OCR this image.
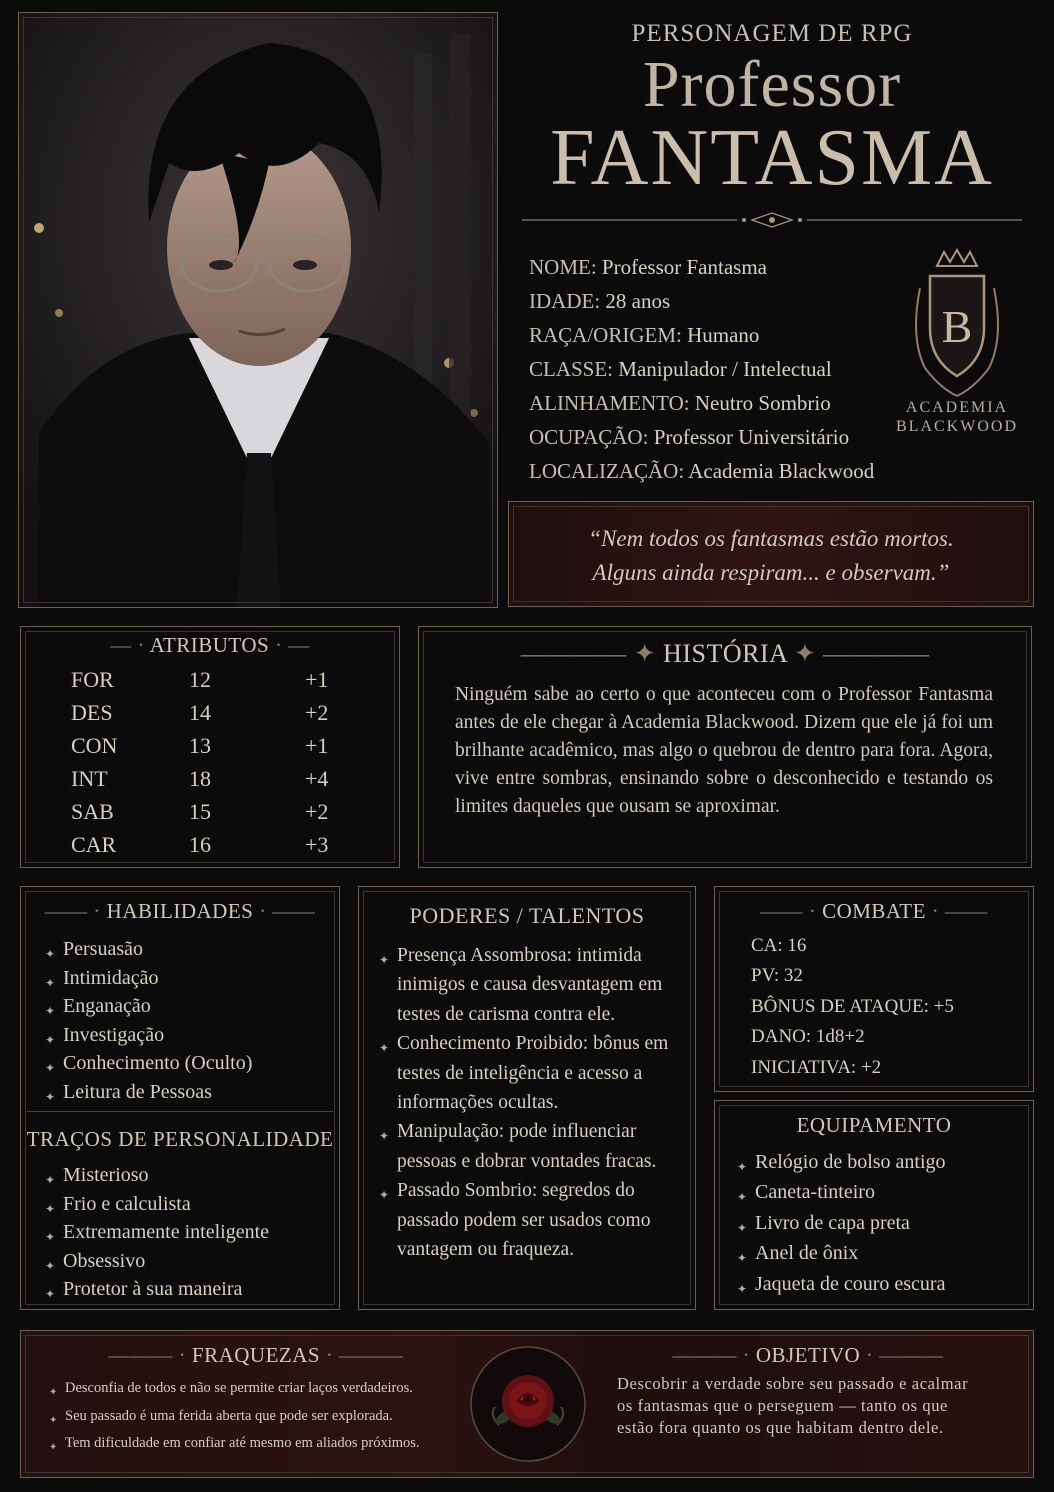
PERSONAGEM DE RPG
Professor
FANTASMA
NOME: Professor Fantasma
IDADE: 28 anos
RAÇA/ORIGEM: Humano
CLASSE: Manipulador / Intelectual
ALINHAMENTO: Neutro Sombrio
OCUPAÇÃO: Professor Universitário
LOCALIZAÇÃO: Academia Blackwood
B
ACADEMIA
BLACKWOOD
“Nem todos os fantasmas estão mortos.
Alguns ainda respiram... e observam.”
— · ATRIBUTOS · —
FOR	12	+1
DES	14	+2
CON	13	+1
INT	18	+4
SAB	15	+2
CAR	16	+3
———— ✦ HISTÓRIA ✦ ————

Ninguém sabe ao certo o que aconteceu com o Professor Fantasma antes de ele chegar à Academia Blackwood. Dizem que ele já foi um brilhante acadêmico, mas algo o quebrou de dentro para fora. Agora, vive entre sombras, ensinando sobre o desconhecido e testando os limites daqueles que ousam se aproximar.

—— · HABILIDADES · ——
✦ Persuasão
✦ Intimidação
✦ Enganação
✦ Investigação
✦ Conhecimento (Oculto)
✦ Leitura de Pessoas
TRAÇOS DE PERSONALIDADE
✦ Misterioso
✦ Frio e calculista
✦ Extremamente inteligente
✦ Obsessivo
✦ Protetor à sua maneira
PODERES / TALENTOS
✦ Presença Assombrosa: intimida inimigos e causa desvantagem em testes de carisma contra ele.
✦ Conhecimento Proibido: bônus em testes de inteligência e acesso a informações ocultas.
✦ Manipulação: pode influenciar pessoas e dobrar vontades fracas.
✦ Passado Sombrio: segredos do passado podem ser usados como vantagem ou fraqueza.
—— · COMBATE · ——
CA: 16
PV: 32
BÔNUS DE ATAQUE: +5
DANO: 1d8+2
INICIATIVA: +2
EQUIPAMENTO
✦ Relógio de bolso antigo
✦ Caneta-tinteiro
✦ Livro de capa preta
✦ Anel de ônix
✦ Jaqueta de couro escura
——— · FRAQUEZAS · ———
✦ Desconfia de todos e não se permite criar laços verdadeiros.
✦ Seu passado é uma ferida aberta que pode ser explorada.
✦ Tem dificuldade em confiar até mesmo em aliados próximos.
——— · OBJETIVO · ———

Descobrir a verdade sobre seu passado e acalmar os fantasmas que o perseguem — tanto os que estão fora quanto os que habitam dentro dele.
